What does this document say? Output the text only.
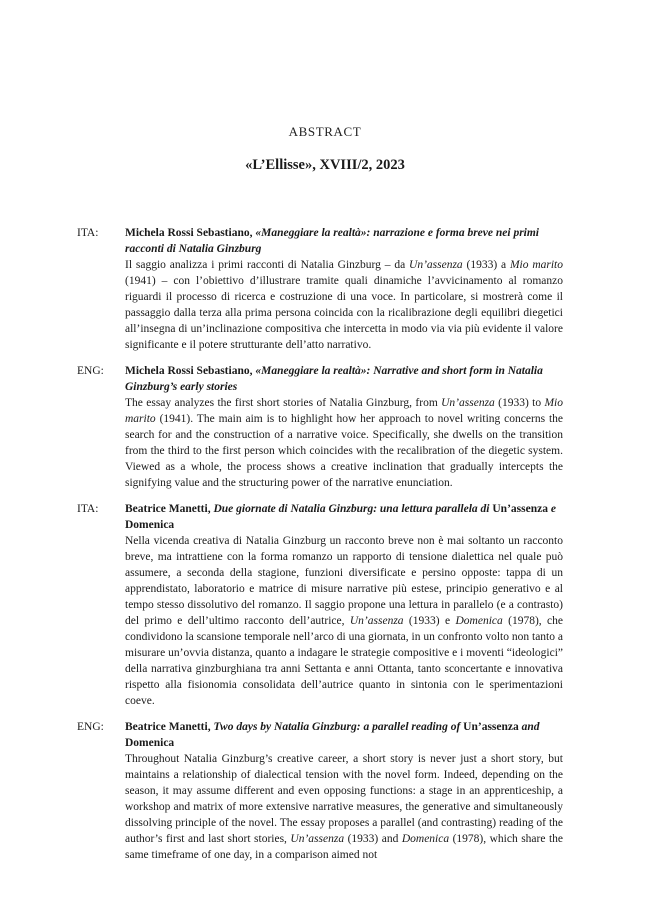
ABSTRACT
«L’Ellisse», XVIII/2, 2023
ITA: Michela Rossi Sebastiano, «Maneggiare la realtà»: narrazione e forma breve nei primi racconti di Natalia Ginzburg
Il saggio analizza i primi racconti di Natalia Ginzburg – da Un’assenza (1933) a Mio marito (1941) – con l’obiettivo d’illustrare tramite quali dinamiche l’avvicinamento al romanzo riguardi il processo di ricerca e costruzione di una voce. In particolare, si mostrerà come il passaggio dalla terza alla prima persona coincida con la ricalibrazione degli equilibri diegetici all’insegna di un’inclinazione compositiva che intercetta in modo via via più evidente il valore significante e il potere strutturante dell’atto narrativo.
ENG: Michela Rossi Sebastiano, «Maneggiare la realtà»: Narrative and short form in Natalia Ginzburg’s early stories
The essay analyzes the first short stories of Natalia Ginzburg, from Un’assenza (1933) to Mio marito (1941). The main aim is to highlight how her approach to novel writing concerns the search for and the construction of a narrative voice. Specifically, she dwells on the transition from the third to the first person which coincides with the recalibration of the diegetic system. Viewed as a whole, the process shows a creative inclination that gradually intercepts the signifying value and the structuring power of the narrative enunciation.
ITA: Beatrice Manetti, Due giornate di Natalia Ginzburg: una lettura parallela di Un’assenza e Domenica
Nella vicenda creativa di Natalia Ginzburg un racconto breve non è mai soltanto un racconto breve, ma intrattiene con la forma romanzo un rapporto di tensione dialettica nel quale può assumere, a seconda della stagione, funzioni diversificate e persino opposte: tappa di un apprendistato, laboratorio e matrice di misure narrative più estese, principio generativo e al tempo stesso dissolutivo del romanzo. Il saggio propone una lettura in parallelo (e a contrasto) del primo e dell’ultimo racconto dell’autrice, Un’assenza (1933) e Domenica (1978), che condividono la scansione temporale nell’arco di una giornata, in un confronto volto non tanto a misurare un’ovvia distanza, quanto a indagare le strategie compositive e i moventi “ideologici” della narrativa ginzburghiana tra anni Settanta e anni Ottanta, tanto sconcertante e innovativa rispetto alla fisionomia consolidata dell’autrice quanto in sintonia con le sperimentazioni coeve.
ENG: Beatrice Manetti, Two days by Natalia Ginzburg: a parallel reading of Un’assenza and Domenica
Throughout Natalia Ginzburg’s creative career, a short story is never just a short story, but maintains a relationship of dialectical tension with the novel form. Indeed, depending on the season, it may assume different and even opposing functions: a stage in an apprenticeship, a workshop and matrix of more extensive narrative measures, the generative and simultaneously dissolving principle of the novel. The essay proposes a parallel (and contrasting) reading of the author’s first and last short stories, Un’assenza (1933) and Domenica (1978), which share the same timeframe of one day, in a comparison aimed not
